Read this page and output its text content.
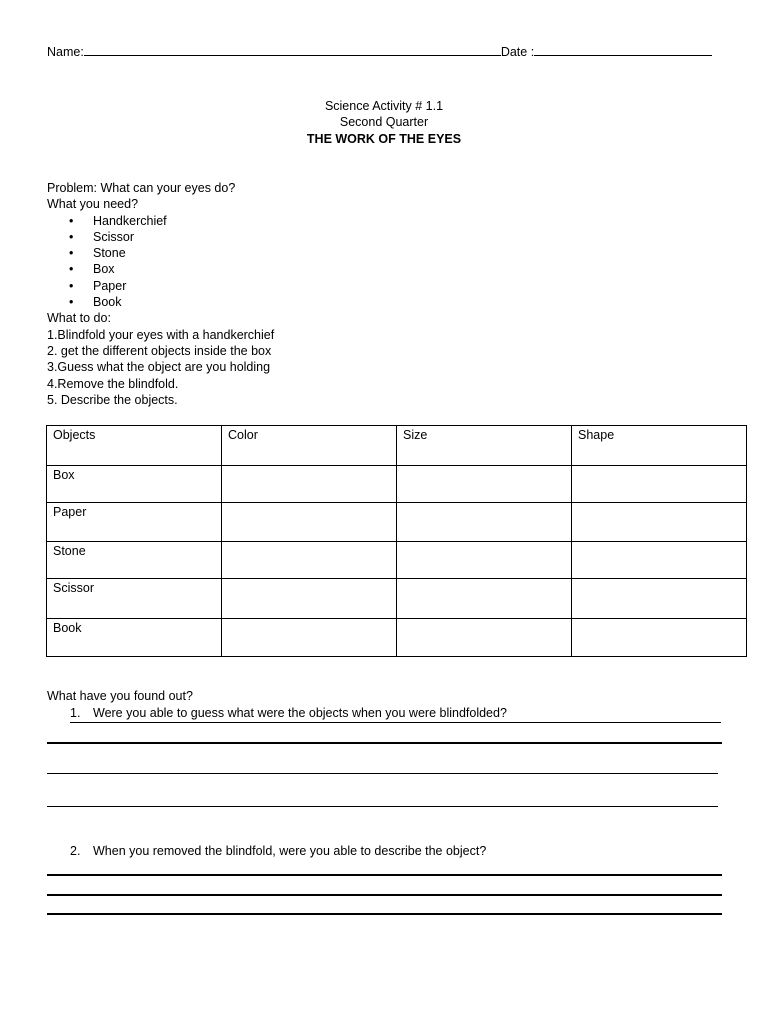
Name:	Date :
Science Activity # 1.1
Second Quarter
THE WORK OF THE EYES
Problem: What can your eyes do?
What you need?
• Handkerchief
• Scissor
• Stone
• Box
• Paper
• Book
What to do:
1.Blindfold your eyes with a handkerchief
2. get the different objects inside the box
3.Guess what the object are you holding
4.Remove the blindfold.
5. Describe the objects.
Objects	Color	Size	Shape
Box			
Paper			
Stone			
Scissor			
Book			
What have you found out?
1. Were you able to guess what were the objects when you were blindfolded?
2. When you removed the blindfold, were you able to describe the object?
